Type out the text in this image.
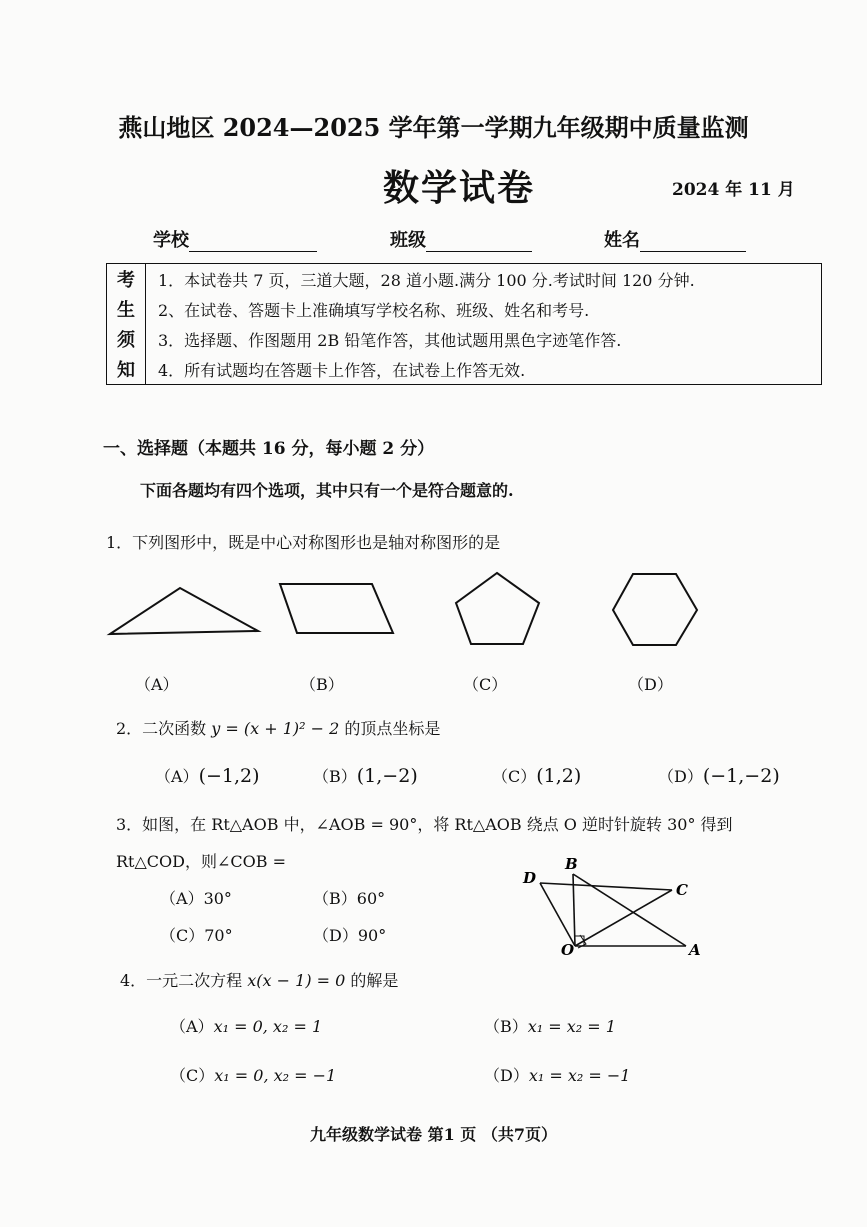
燕山地区 2024—2025 学年第一学期九年级期中质量监测
数学试卷	2024 年 11 月
学校	班级	姓名
考	1．本试卷共 7 页，三道大题，28 道小题.满分 100 分.考试时间 120 分钟.
生	2、在试卷、答题卡上准确填写学校名称、班级、姓名和考号.
须	3．选择题、作图题用 2B 铅笔作答，其他试题用黑色字迹笔作答.
知	4．所有试题均在答题卡上作答，在试卷上作答无效.
一、选择题（本题共 16 分，每小题 2 分）
下面各题均有四个选项，其中只有一个是符合题意的.
1．下列图形中，既是中心对称图形也是轴对称图形的是
（A）	（B）	（C）	（D）
2．二次函数 y = (x + 1)² − 2 的顶点坐标是
（A）(−1,2)	（B）(1,−2)	（C）(1,2)	（D）(−1,−2)
3．如图，在 Rt△AOB 中，∠AOB = 90°，将 Rt△AOB 绕点 O 逆时针旋转 30° 得到
Rt△COD，则∠COB =
（A）30°	（B）60°
（C）70°	（D）90°
B
D
C
O	A
4．一元二次方程 x(x − 1) = 0 的解是
（A）x₁ = 0, x₂ = 1	（B）x₁ = x₂ = 1
（C）x₁ = 0, x₂ = −1	（D）x₁ = x₂ = −1
九年级数学试卷 第1 页 （共7页）
